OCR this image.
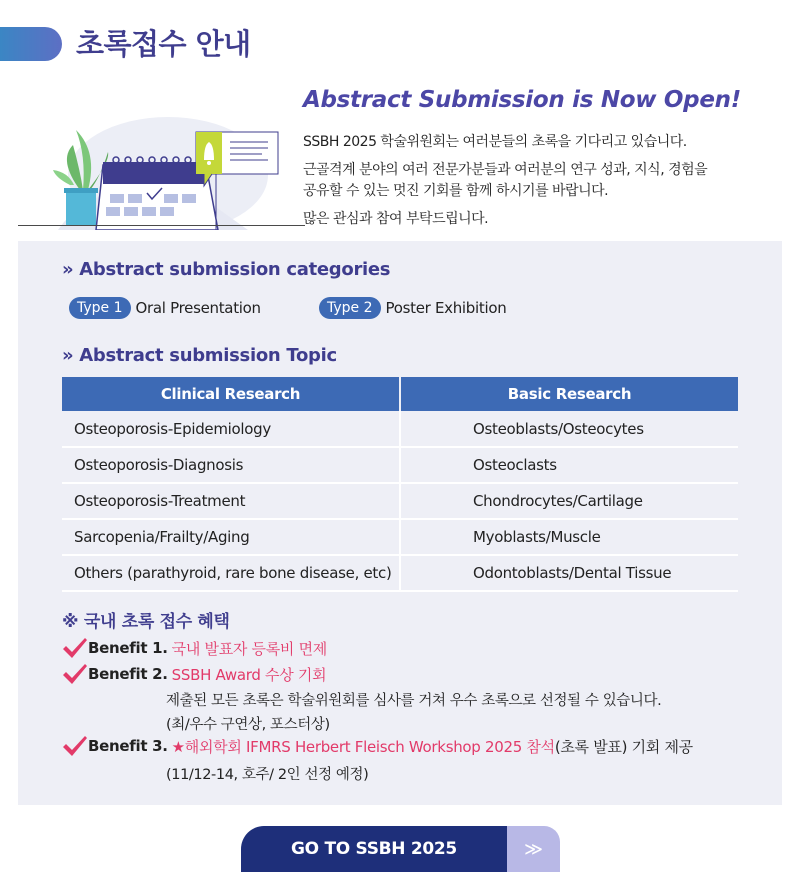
초록접수 안내
Abstract Submission is Now Open!

SSBH 2025 학술위원회는 여러분들의 초록을 기다리고 있습니다.

근골격계 분야의 여러 전문가분들과 여러분의 연구 성과, 지식, 경험을

공유할 수 있는 멋진 기회를 함께 하시기를 바랍니다.

많은 관심과 참여 부탁드립니다.

» Abstract submission categories
Type 1 Oral Presentation	Type 2 Poster Exhibition
» Abstract submission Topic
Clinical Research	Basic Research
Osteoporosis-Epidemiology	Osteoblasts/Osteocytes
Osteoporosis-Diagnosis	Osteoclasts
Osteoporosis-Treatment	Chondrocytes/Cartilage
Sarcopenia/Frailty/Aging	Myoblasts/Muscle
Others (parathyroid, rare bone disease, etc)	Odontoblasts/Dental Tissue
※ 국내 초록 접수 혜택
Benefit 1. 국내 발표자 등록비 면제
Benefit 2. SSBH Award 수상 기회

제출된 모든 초록은 학술위원회를 심사를 거쳐 우수 초록으로 선정될 수 있습니다.

(최/우수 구연상, 포스터상)

Benefit 3. ★해외학회 IFMRS Herbert Fleisch Workshop 2025 참석 (초록 발표) 기회 제공

(11/12-14, 호주/ 2인 선정 예정)

GO TO SSBH 2025	≫
